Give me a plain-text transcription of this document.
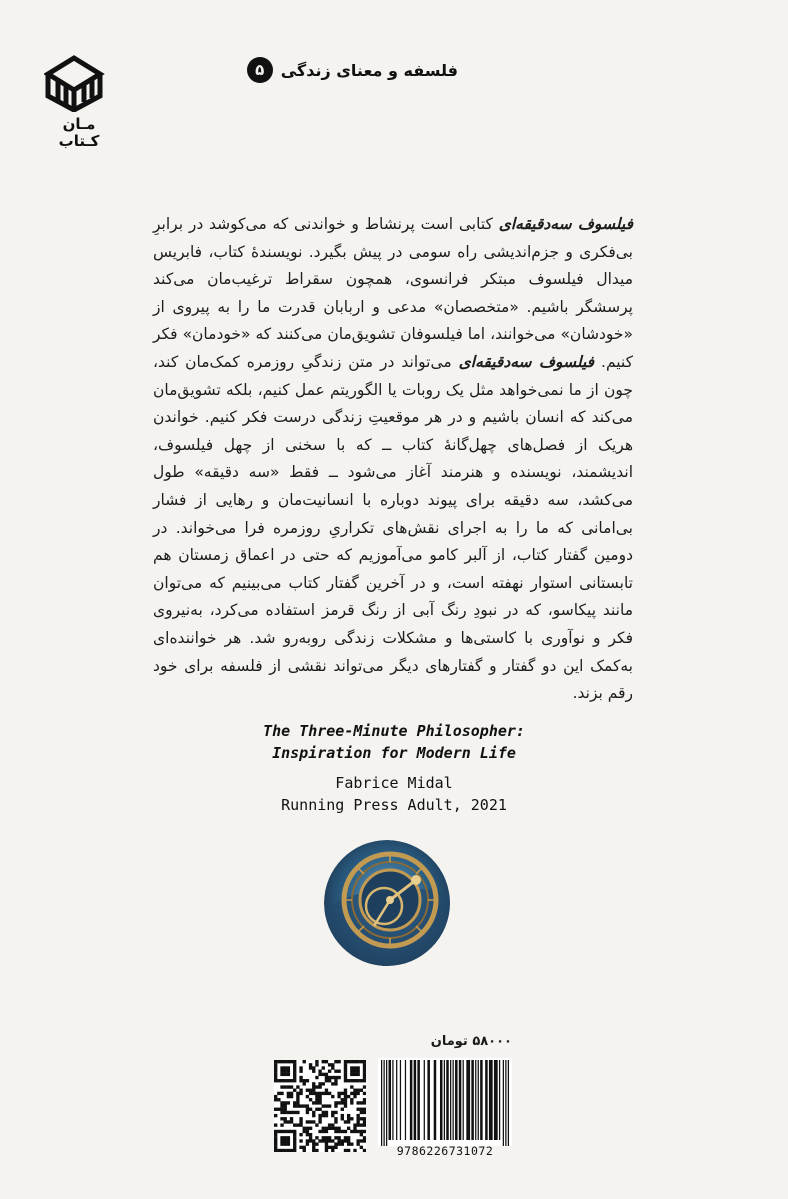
مـان
کـتاب
۵	فلسفه و معنای زندگی
فیلسوف سه‌دقیقه‌ای کتابی است پرنشاط و خواندنی که می‌کوشد در برابرِ بی‌فکری و جزم‌اندیشی راه سومی در پیش بگیرد. نویسندهٔ کتاب، فابریس میدال فیلسوف مبتکر فرانسوی، همچون سقراط ترغیب‌مان می‌کند پرسشگر باشیم. «متخصصان» مدعی و اربابان قدرت ما را به پیروی از «خودشان» می‌خوانند، اما فیلسوفان تشویق‌مان می‌کنند که «خودمان» فکر کنیم. فیلسوف سه‌دقیقه‌ای می‌تواند در متن زندگیِ روزمره کمک‌مان کند، چون از ما نمی‌خواهد مثل یک روبات یا الگوریتم عمل کنیم، بلکه تشویق‌مان می‌کند که انسان باشیم و در هر موقعیتِ زندگی درست فکر کنیم. خواندن هریک از فصل‌های چهل‌گانهٔ کتاب ــ که با سخنی از چهل فیلسوف، اندیشمند، نویسنده و هنرمند آغاز می‌شود ــ فقط «سه دقیقه» طول می‌کشد، سه دقیقه برای پیوند دوباره با انسانیت‌مان و رهایی از فشار بی‌امانی که ما را به اجرای نقش‌های تکراریِ روزمره فرا می‌خواند. در دومین گفتار کتاب، از آلبر کامو می‌آموزیم که حتی در اعماق زمستان هم تابستانی استوار نهفته است، و در آخرین گفتار کتاب می‌بینیم که می‌توان مانند پیکاسو، که در نبودِ رنگ آبی از رنگ قرمز استفاده می‌کرد، به‌نیروی فکر و نوآوری با کاستی‌ها و مشکلات زندگی روبه‌رو شد. هر خواننده‌ای به‌کمک این دو گفتار و گفتارهای دیگر می‌تواند نقشی از فلسفه برای خود رقم بزند.
The Three-Minute Philosopher:
Inspiration for Modern Life
Fabrice Midal
Running Press Adult, 2021
۵۸۰۰۰ تومان
9786226731072
